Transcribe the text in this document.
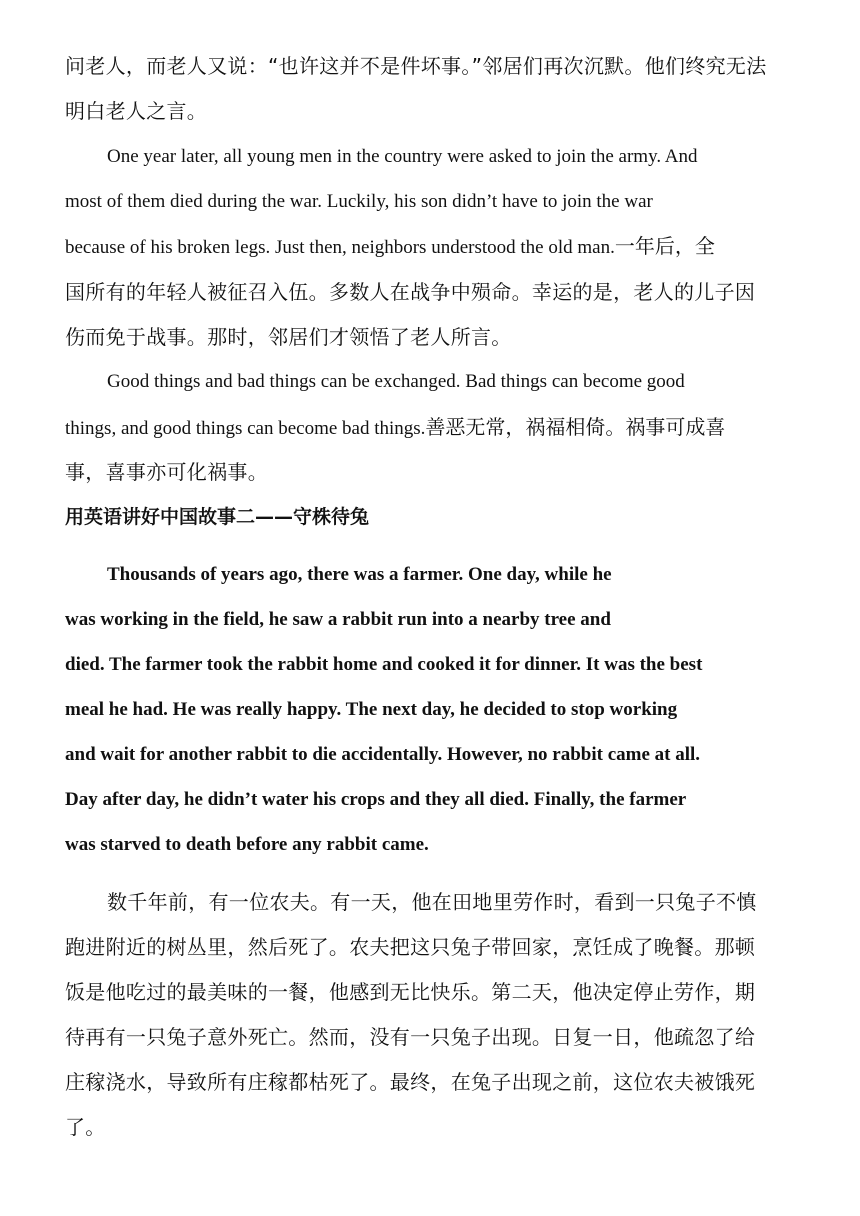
问老人，而老人又说：“也许这并不是件坏事。”邻居们再次沉默。他们终究无法
明白老人之言。
One year later, all young men in the country were asked to join the army. And
most of them died during the war. Luckily, his son didn’t have to join the war
because of his broken legs. Just then, neighbors understood the old man.一年后，全
国所有的年轻人被征召入伍。多数人在战争中殒命。幸运的是，老人的儿子因
伤而免于战事。那时，邻居们才领悟了老人所言。
Good things and bad things can be exchanged. Bad things can become good
things, and good things can become bad things.善恶无常，祸福相倚。祸事可成喜
事，喜事亦可化祸事。
用英语讲好中国故事二——守株待兔
Thousands of years ago, there was a farmer. One day, while he
was working in the field, he saw a rabbit run into a nearby tree and
died. The farmer took the rabbit home and cooked it for dinner. It was the best
meal he had. He was really happy. The next day, he decided to stop working
and wait for another rabbit to die accidentally. However, no rabbit came at all.
Day after day, he didn’t water his crops and they all died. Finally, the farmer
was starved to death before any rabbit came.
数千年前，有一位农夫。有一天，他在田地里劳作时，看到一只兔子不慎
跑进附近的树丛里，然后死了。农夫把这只兔子带回家，烹饪成了晚餐。那顿
饭是他吃过的最美味的一餐，他感到无比快乐。第二天，他决定停止劳作，期
待再有一只兔子意外死亡。然而，没有一只兔子出现。日复一日，他疏忽了给
庄稼浇水，导致所有庄稼都枯死了。最终，在兔子出现之前，这位农夫被饿死
了。
